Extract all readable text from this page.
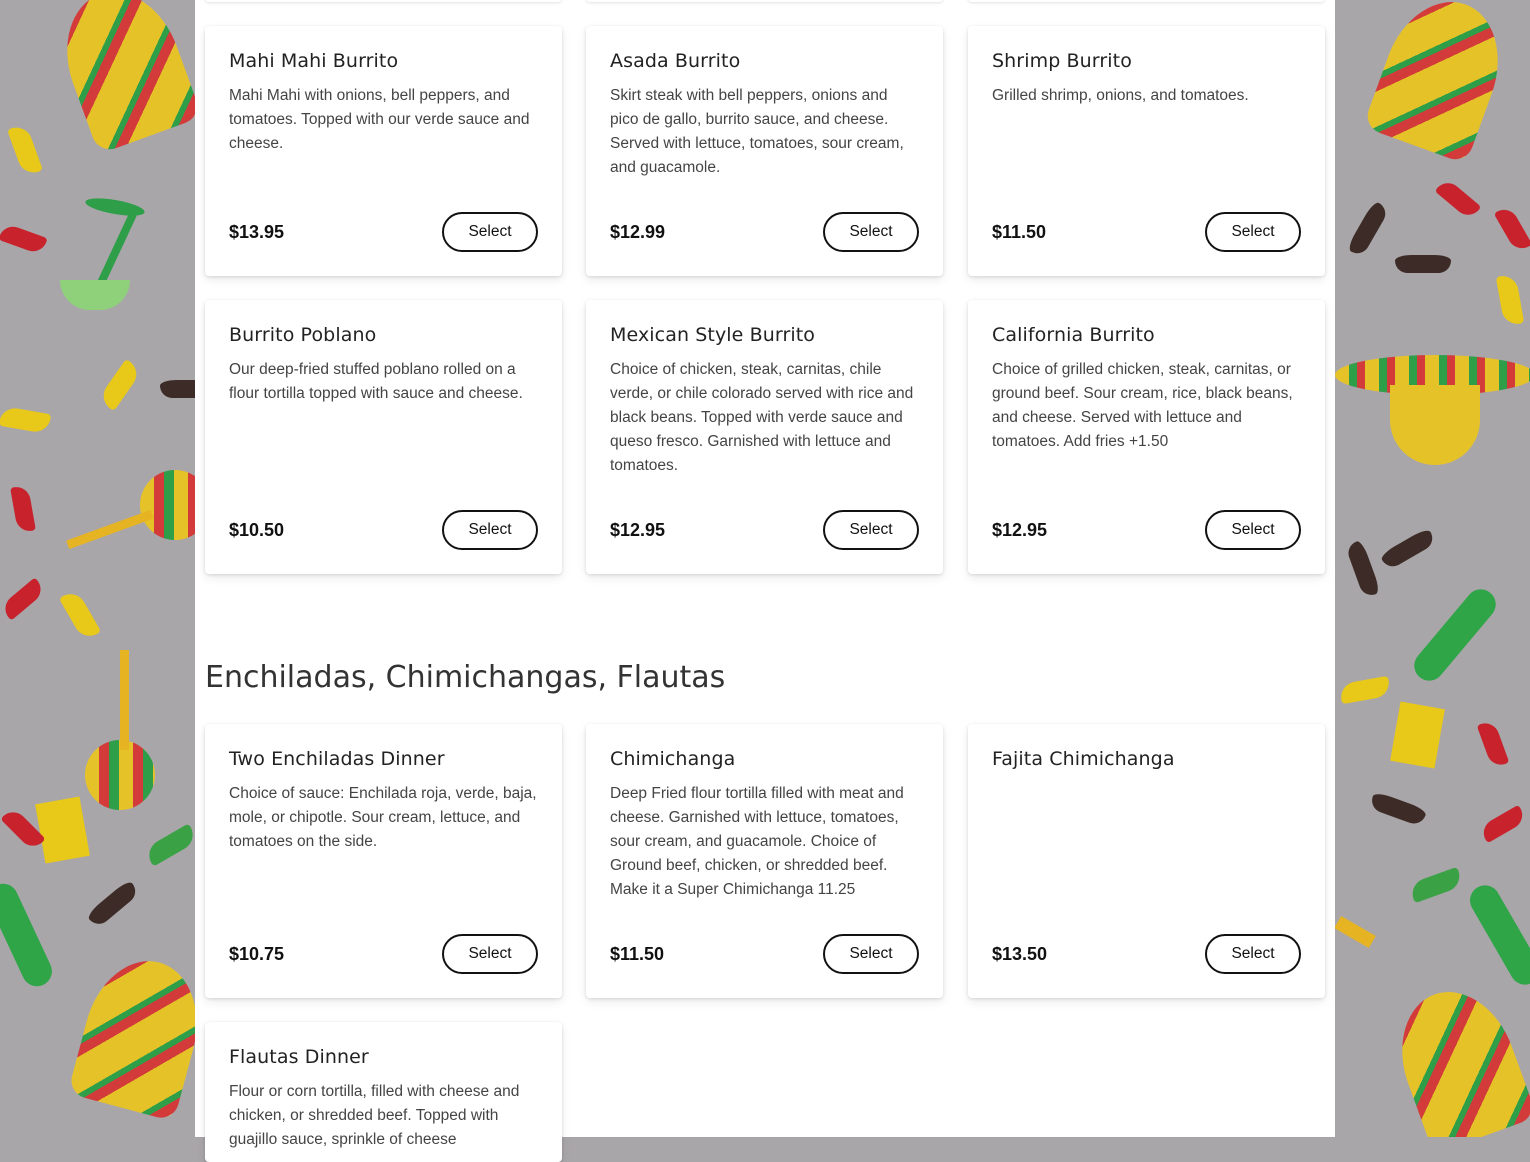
Mahi Mahi Burrito

Mahi Mahi with onions, bell peppers, and tomatoes. Topped with our verde sauce and cheese.

$13.95	Select
Asada Burrito

Skirt steak with bell peppers, onions and pico de gallo, burrito sauce, and cheese. Served with lettuce, tomatoes, sour cream, and guacamole.

$12.99	Select
Shrimp Burrito

Grilled shrimp, onions, and tomatoes.

$11.50	Select
Burrito Poblano

Our deep-fried stuffed poblano rolled on a flour tortilla topped with sauce and cheese.

$10.50	Select
Mexican Style Burrito

Choice of chicken, steak, carnitas, chile verde, or chile colorado served with rice and black beans. Topped with verde sauce and queso fresco. Garnished with lettuce and tomatoes.

$12.95	Select
California Burrito

Choice of grilled chicken, steak, carnitas, or ground beef. Sour cream, rice, black beans, and cheese. Served with lettuce and tomatoes. Add fries +1.50

$12.95	Select
Enchiladas, Chimichangas, Flautas
Two Enchiladas Dinner

Choice of sauce: Enchilada roja, verde, baja, mole, or chipotle. Sour cream, lettuce, and tomatoes on the side.

$10.75	Select
Chimichanga

Deep Fried flour tortilla filled with meat and cheese. Garnished with lettuce, tomatoes, sour cream, and guacamole. Choice of Ground beef, chicken, or shredded beef. Make it a Super Chimichanga 11.25

$11.50	Select
Fajita Chimichanga

$13.50	Select
Flautas Dinner

Flour or corn tortilla, filled with cheese and chicken, or shredded beef. Topped with guajillo sauce, sprinkle of cheese
